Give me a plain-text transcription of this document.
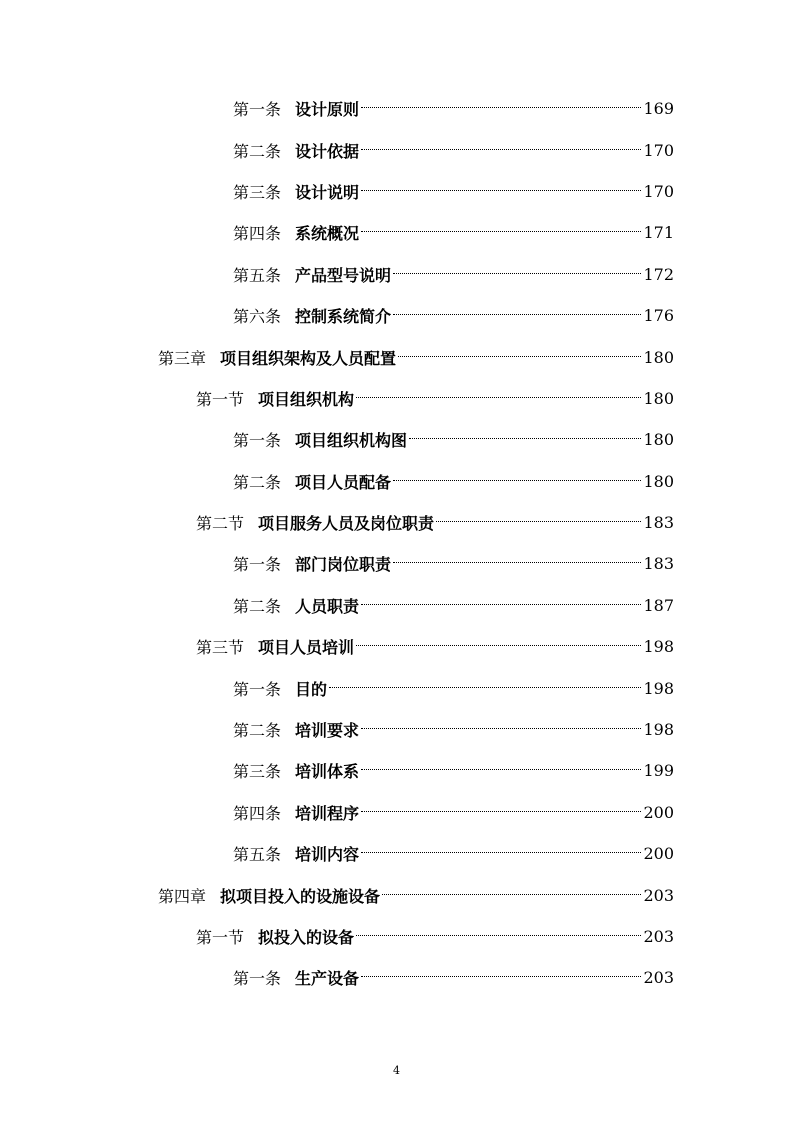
第一条 设计原则	169
第二条 设计依据	170
第三条 设计说明	170
第四条 系统概况	171
第五条 产品型号说明	172
第六条 控制系统简介	176
第三章 项目组织架构及人员配置	180
第一节 项目组织机构	180
第一条 项目组织机构图	180
第二条 项目人员配备	180
第二节 项目服务人员及岗位职责	183
第一条 部门岗位职责	183
第二条 人员职责	187
第三节 项目人员培训	198
第一条 目的	198
第二条 培训要求	198
第三条 培训体系	199
第四条 培训程序	200
第五条 培训内容	200
第四章 拟项目投入的设施设备	203
第一节 拟投入的设备	203
第一条 生产设备	203
4
